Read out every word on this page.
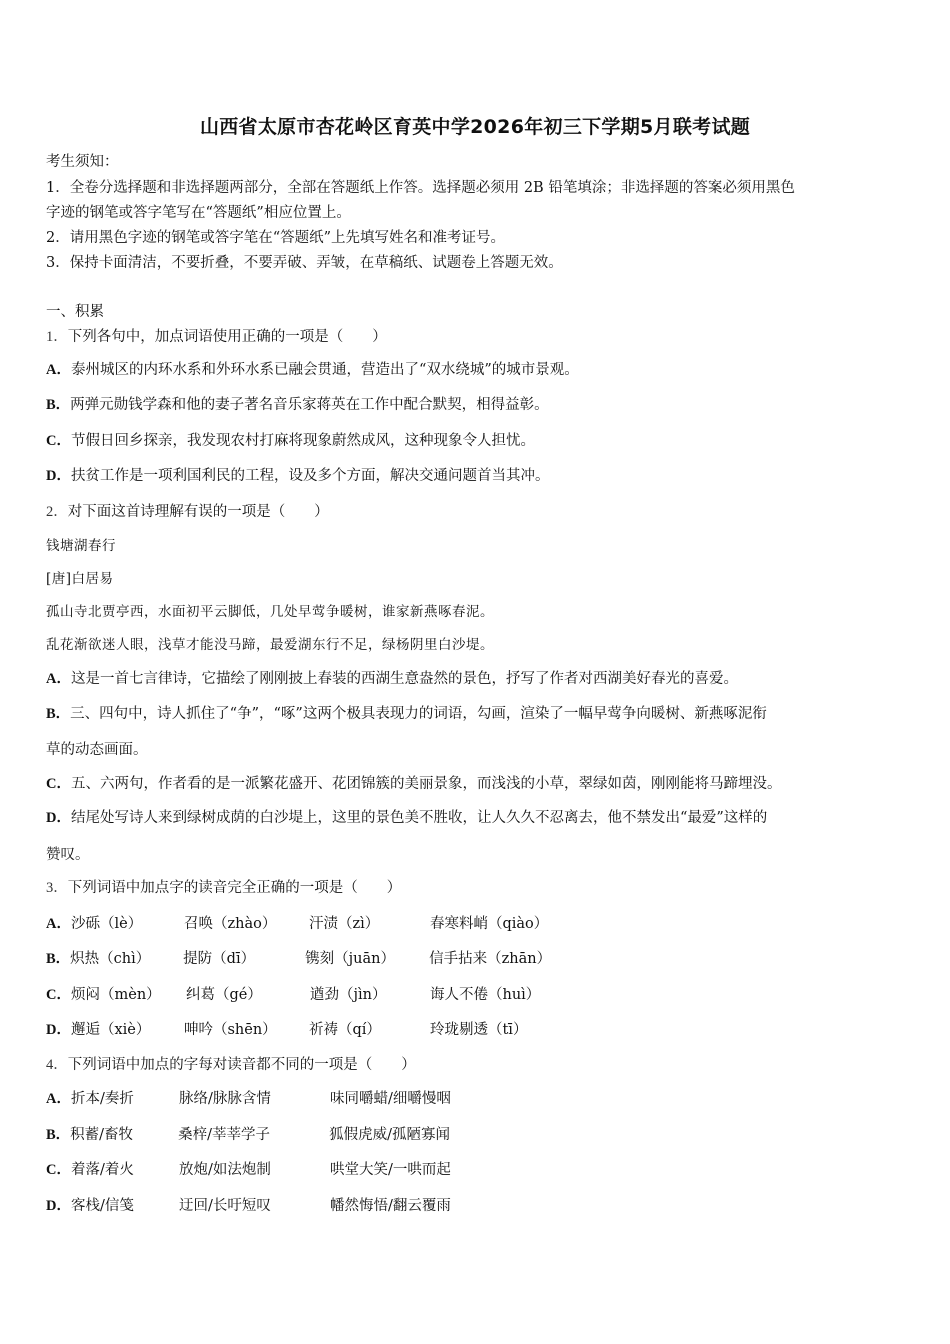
山西省太原市杏花岭区育英中学2026年初三下学期5月联考试题
考生须知：
1．全卷分选择题和非选择题两部分，全部在答题纸上作答。选择题必须用 2B 铅笔填涂；非选择题的答案必须用黑色
字迹的钢笔或答字笔写在“答题纸”相应位置上。
2．请用黑色字迹的钢笔或答字笔在“答题纸”上先填写姓名和准考证号。
3．保持卡面清洁，不要折叠，不要弄破、弄皱，在草稿纸、试题卷上答题无效。
一、积累
1．下列各句中，加点词语使用正确的一项是（　　）
A．泰州城区的内环水系和外环水系已融会贯通，营造出了“双水绕城”的城市景观。
B．两弹元勋钱学森和他的妻子著名音乐家蒋英在工作中配合默契，相得益彰。
C．节假日回乡探亲，我发现农村打麻将现象蔚然成风，这种现象令人担忧。
D．扶贫工作是一项利国利民的工程，设及多个方面，解决交通问题首当其冲。
2．对下面这首诗理解有误的一项是（　　）
钱塘湖春行
[唐]白居易
孤山寺北贾亭西，水面初平云脚低，几处早莺争暖树，谁家新燕啄春泥。
乱花渐欲迷人眼，浅草才能没马蹄，最爱湖东行不足，绿杨阴里白沙堤。
A．这是一首七言律诗，它描绘了刚刚披上春装的西湖生意盎然的景色，抒写了作者对西湖美好春光的喜爱。
B．三、四句中，诗人抓住了“争”，“啄”这两个极具表现力的词语，勾画，渲染了一幅早莺争向暖树、新燕啄泥衔
草的动态画面。
C．五、六两句，作者看的是一派繁花盛开、花团锦簇的美丽景象，而浅浅的小草，翠绿如茵，刚刚能将马蹄埋没。
D．结尾处写诗人来到绿树成荫的白沙堤上，这里的景色美不胜收，让人久久不忍离去，他不禁发出“最爱”这样的
赞叹。
3．下列词语中加点字的读音完全正确的一项是（　　）
A．沙砾（lè）	召唤（zhào） 汗渍（zì）	春寒料峭（qiào）
B．炽热（chì） 提防（dī）	镌刻（juān） 信手拈来（zhān）
C．烦闷（mèn） 纠葛（gé）	遒劲（jìn）	诲人不倦（huì）
D．邂逅（xiè） 呻吟（shēn） 祈祷（qí）	玲珑剔透（tī）
4．下列词语中加点的字每对读音都不同的一项是（　　）
A．折本/奏折	脉络/脉脉含情	味同嚼蜡/细嚼慢咽
B．积蓄/畜牧	桑梓/莘莘学子	狐假虎威/孤陋寡闻
C．着落/着火	放炮/如法炮制	哄堂大笑/一哄而起
D．客栈/信笺	迂回/长吁短叹	幡然悔悟/翻云覆雨
